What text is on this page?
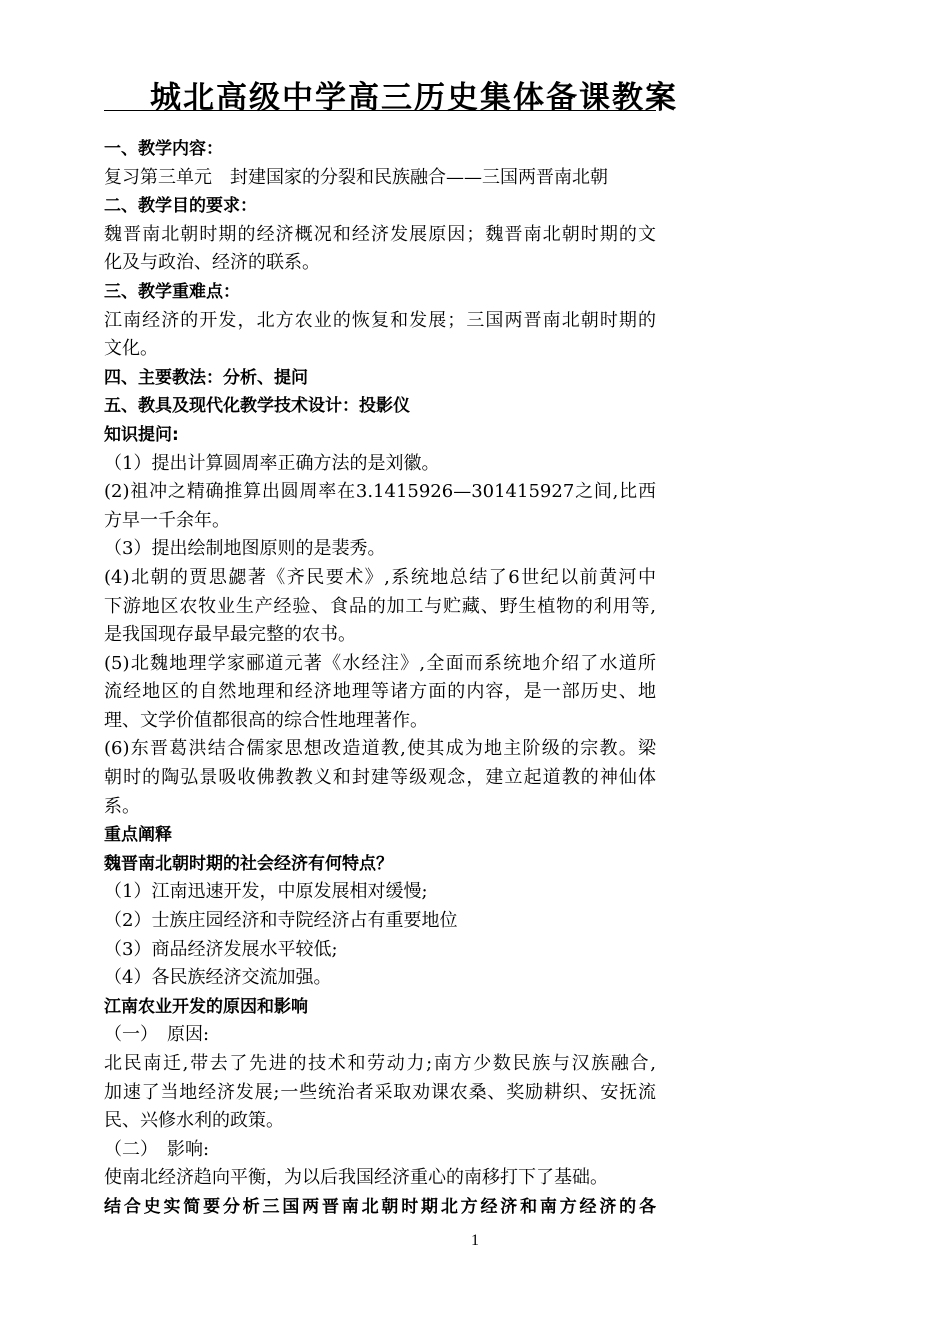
城北高级中学高三历史集体备课教案
一、教学内容：
复习第三单元　封建国家的分裂和民族融合——三国两晋南北朝
二、教学目的要求：
魏晋南北朝时期的经济概况和经济发展原因；魏晋南北朝时期的文
化及与政治、经济的联系。
三、教学重难点：
江南经济的开发，北方农业的恢复和发展；三国两晋南北朝时期的
文化。
四、主要教法：分析、提问
五、教具及现代化教学技术设计：投影仪
知识提问:
（1）提出计算圆周率正确方法的是刘徽。
(2)祖冲之精确推算出圆周率在3.1415926—301415927之间,比西
方早一千余年。
（3）提出绘制地图原则的是裴秀。
(4)北朝的贾思勰著《齐民要术》,系统地总结了6世纪以前黄河中
下游地区农牧业生产经验、食品的加工与贮藏、野生植物的利用等,
是我国现存最早最完整的农书。
(5)北魏地理学家郦道元著《水经注》,全面而系统地介绍了水道所
流经地区的自然地理和经济地理等诸方面的内容，是一部历史、地
理、文学价值都很高的综合性地理著作。
(6)东晋葛洪结合儒家思想改造道教,使其成为地主阶级的宗教。梁
朝时的陶弘景吸收佛教教义和封建等级观念，建立起道教的神仙体
系。
重点阐释
魏晋南北朝时期的社会经济有何特点？
（1）江南迅速开发，中原发展相对缓慢;
（2）士族庄园经济和寺院经济占有重要地位
（3）商品经济发展水平较低;
（4）各民族经济交流加强。
江南农业开发的原因和影响
（一）　原因:
北民南迁,带去了先进的技术和劳动力;南方少数民族与汉族融合,
加速了当地经济发展;一些统治者采取劝课农桑、奖励耕织、安抚流
民、兴修水利的政策。
（二）　影响:
使南北经济趋向平衡，为以后我国经济重心的南移打下了基础。
结合史实简要分析三国两晋南北朝时期北方经济和南方经济的各
1
